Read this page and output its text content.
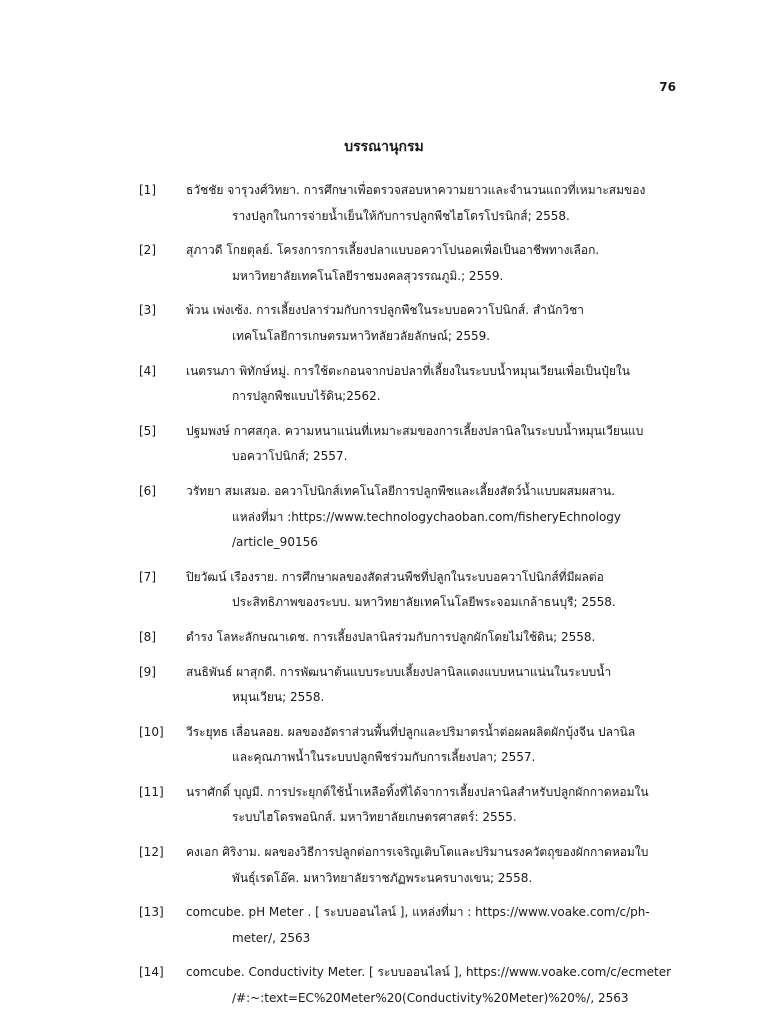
76
บรรณานุกรม
[1]	ธวัชชัย จารุวงศ์วิทยา. การศึกษาเพื่อตรวจสอบหาความยาวและจำนวนแถวที่เหมาะสมของ
รางปลูกในการจ่ายน้ำเย็นให้กับการปลูกพืชไฮโดรโปรนิกส์; 2558.
[2]	สุภาวดี โกยตุลย์. โครงการการเลี้ยงปลาแบบอควาโปนอคเพื่อเป็นอาชีพทางเลือก.
มหาวิทยาลัยเทคโนโลยีราชมงคลสุวรรณภูมิ.; 2559.
[3]	พ้วน เพ่งเซ้ง. การเลี้ยงปลาร่วมกับการปลูกพืชในระบบอควาโปนิกส์. สำนักวิชา
เทคโนโลยีการเกษตรมหาวิทลัยวลัยลักษณ์; 2559.
[4]	เนตรนภา พิทักษ์หมู่. การใช้ตะกอนจากบ่อปลาที่เลี้ยงในระบบน้ำหมุนเวียนเพื่อเป็นปุ๋ยใน
การปลูกพืชแบบไร้ดิน;2562.
[5]	ปฐมพงษ์ กาศสกุล. ความหนาแน่นที่เหมาะสมของการเลี้ยงปลานิลในระบบน้ำหมุนเวียนแบ
บอควาโปนิกส์; 2557.
[6]	วรัทยา สมเสมอ. อควาโปนิกส์เทคโนโลยีการปลูกพืชและเลี้ยงสัตว์น้ำแบบผสมผสาน.
แหล่งที่มา :https://www.technologychaoban.com/fisheryEchnology
/article_90156
[7]	ปิยวัฒน์ เรืองราย. การศึกษาผลของสัดส่วนพืชที่ปลูกในระบบอควาโปนิกส์ที่มีผลต่อ
ประสิทธิภาพของระบบ. มหาวิทยาลัยเทคโนโลยีพระจอมเกล้าธนบุรี; 2558.
[8]	ดำรง โลหะลักษณาเดช. การเลี้ยงปลานิลร่วมกับการปลูกผักโดยไม่ใช้ดิน; 2558.
[9]	สนธิพันธ์ ผาสุกดี. การพัฒนาต้นแบบระบบเลี้ยงปลานิลแดงแบบหนาแน่นในระบบน้ำ
หมุนเวียน; 2558.
[10]	วีระยุทธ เลื่อนลอย. ผลของอัตราส่วนพื้นที่ปลูกและปริมาตรน้ำต่อผลผลิตผักบุ้งจีน ปลานิล
และคุณภาพน้ำในระบบปลูกพืชร่วมกับการเลี้ยงปลา; 2557.
[11]	นราศักดิ์ บุญมี. การประยุกต์ใช้น้ำเหลือทิ้งที่ได้จาการเลี้ยงปลานิลสำหรับปลูกผักกาดหอมใน
ระบบไฮโดรพอนิกส์. มหาวิทยาลัยเกษตรศาสตร์: 2555.
[12]	คงเอก ศิริงาม. ผลของวิธีการปลูกต่อการเจริญเติบโตและปริมานรงควัตถุของผักกาดหอมใบ
พันธุ์เรดโอ๊ค. มหาวิทยาลัยราชภัฏพระนครบางเขน; 2558.
[13]	comcube. pH Meter . [ ระบบออนไลน์ ], แหล่งที่มา : https://www.voake.com/c/ph-
meter/, 2563
[14]	comcube. Conductivity Meter. [ ระบบออนไลน์ ], https://www.voake.com/c/ecmeter
/#:~:text=EC%20Meter%20(Conductivity%20Meter)%20%/, 2563
